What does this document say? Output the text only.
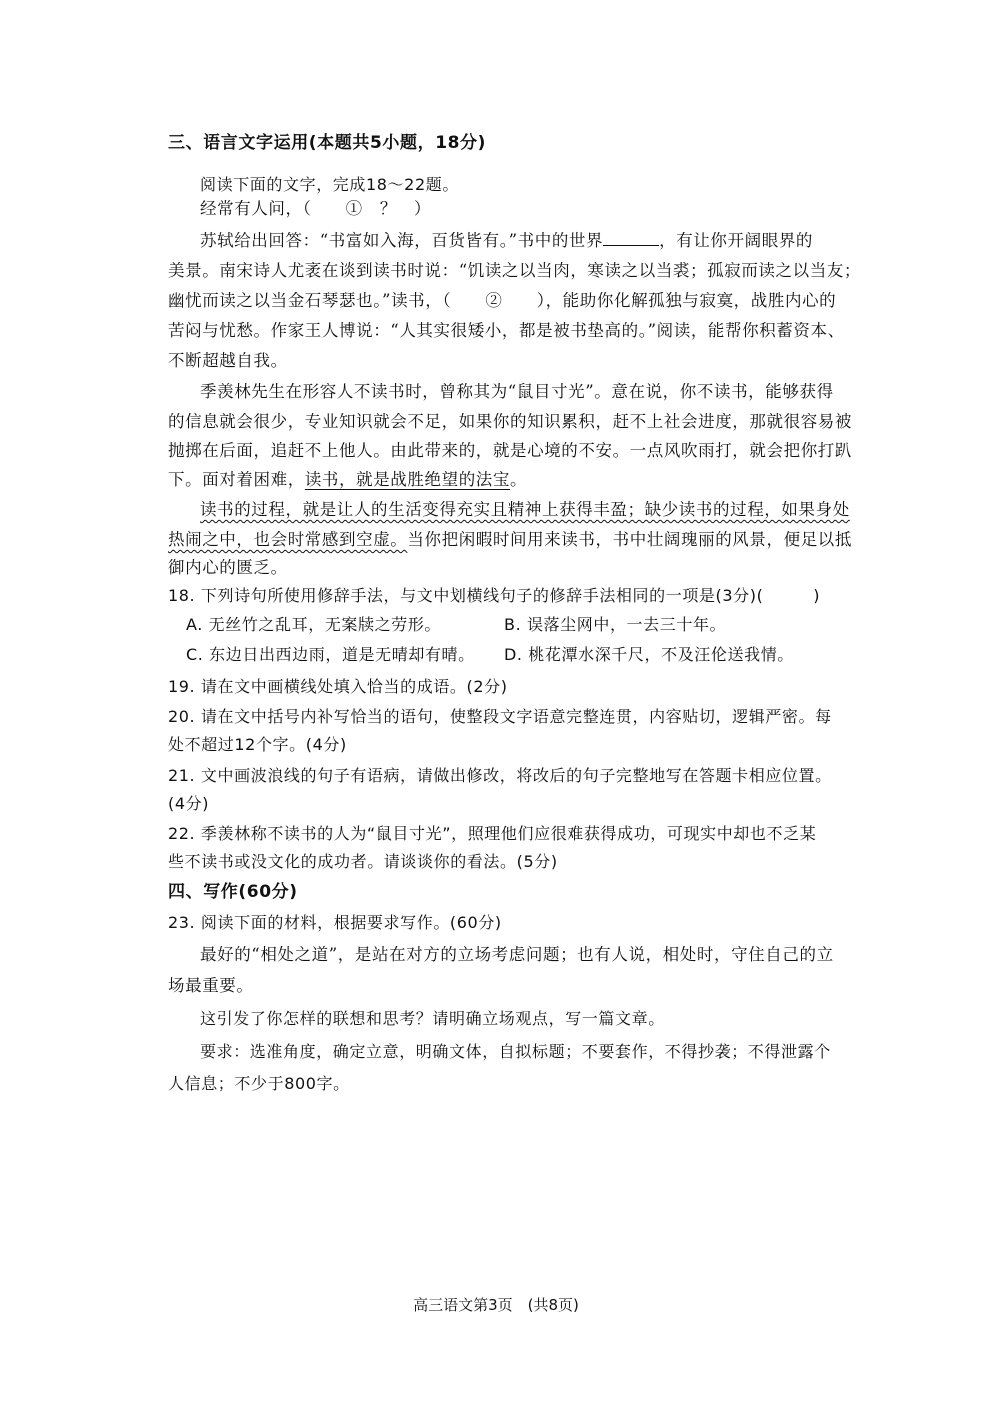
三、语言文字运用(本题共5小题，18分)
阅读下面的文字，完成18～22题。
经常有人问，（　　①　？　）
苏轼给出回答：“书富如入海，百货皆有。”书中的世界	，有让你开阔眼界的
美景。南宋诗人尤袤在谈到读书时说：“饥读之以当肉，寒读之以当裘；孤寂而读之以当友；
幽忧而读之以当金石琴瑟也。”读书，（　　②　　），能助你化解孤独与寂寞，战胜内心的
苦闷与忧愁。作家王人博说：“人其实很矮小，都是被书垫高的。”阅读，能帮你积蓄资本、
不断超越自我。
季羡林先生在形容人不读书时，曾称其为“鼠目寸光”。意在说，你不读书，能够获得
的信息就会很少，专业知识就会不足，如果你的知识累积，赶不上社会进度，那就很容易被
抛掷在后面，追赶不上他人。由此带来的，就是心境的不安。一点风吹雨打，就会把你打趴
下。面对着困难，读书，就是战胜绝望的法宝。
读书的过程，就是让人的生活变得充实且精神上获得丰盈；缺少读书的过程，如果身处
热闹之中，也会时常感到空虚。当你把闲暇时间用来读书，书中壮阔瑰丽的风景，便足以抵
御内心的匮乏。
18. 下列诗句所使用修辞手法，与文中划横线句子的修辞手法相同的一项是(3分)(　　　)
A. 无丝竹之乱耳，无案牍之劳形。	B. 误落尘网中，一去三十年。
C. 东边日出西边雨，道是无晴却有晴。	D. 桃花潭水深千尺，不及汪伦送我情。
19. 请在文中画横线处填入恰当的成语。(2分)
20. 请在文中括号内补写恰当的语句，使整段文字语意完整连贯，内容贴切，逻辑严密。每
处不超过12个字。(4分)
21. 文中画波浪线的句子有语病，请做出修改，将改后的句子完整地写在答题卡相应位置。
(4分)
22. 季羡林称不读书的人为“鼠目寸光”，照理他们应很难获得成功，可现实中却也不乏某
些不读书或没文化的成功者。请谈谈你的看法。(5分)
四、写作(60分)
23. 阅读下面的材料，根据要求写作。(60分)
最好的“相处之道”，是站在对方的立场考虑问题；也有人说，相处时，守住自己的立
场最重要。
这引发了你怎样的联想和思考？请明确立场观点，写一篇文章。
要求：选准角度，确定立意，明确文体，自拟标题；不要套作，不得抄袭；不得泄露个
人信息；不少于800字。
高三语文第3页　(共8页)
